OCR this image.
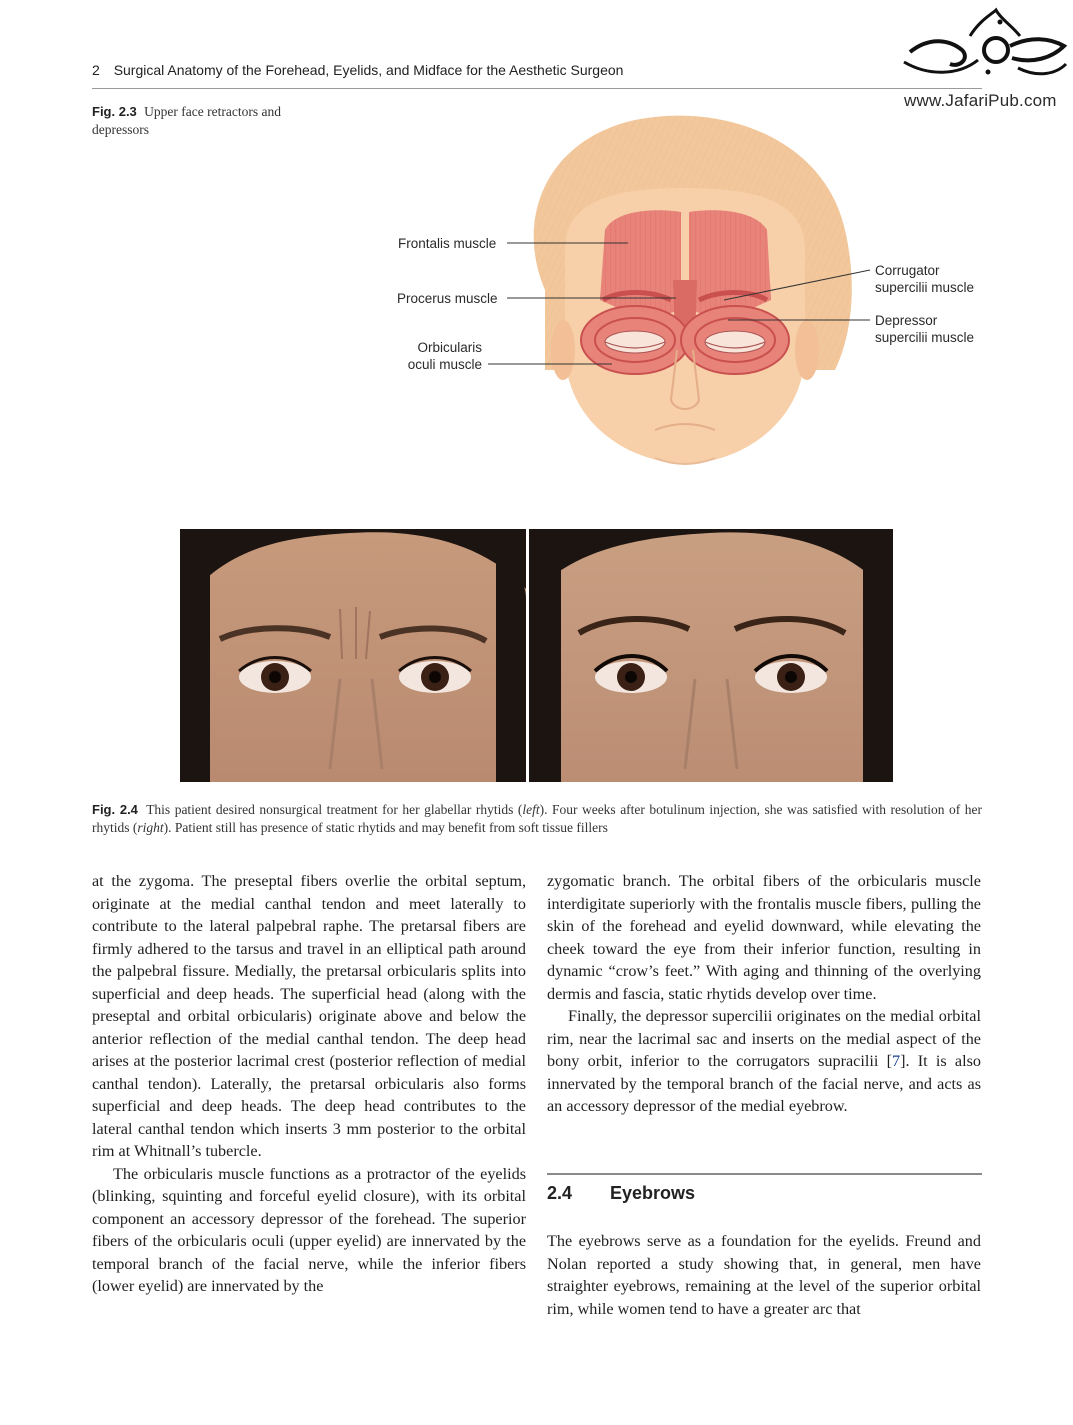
2 Surgical Anatomy of the Forehead, Eyelids, and Midface for the Aesthetic Surgeon
www.JafariPub.com
Fig. 2.3 Upper face retractors and depressors
Frontalis muscle
Procerus muscle
Orbicularis
oculi muscle
Corrugator
supercilii muscle
Depressor
supercilii muscle
Fig. 2.4 This patient desired nonsurgical treatment for her glabellar rhytids (left). Four weeks after botulinum injection, she was satisfied with resolution of her rhytids (right). Patient still has presence of static rhytids and may benefit from soft tissue fillers

at the zygoma. The preseptal fibers overlie the orbital septum, originate at the medial canthal tendon and meet laterally to contribute to the lateral palpebral raphe. The pretarsal fibers are firmly adhered to the tarsus and travel in an elliptical path around the palpebral fissure. Medially, the pretarsal orbicularis splits into superficial and deep heads. The superficial head (along with the preseptal and orbital orbicularis) originate above and below the anterior reflection of the medial canthal tendon. The deep head arises at the posterior lacrimal crest (posterior reflection of medial canthal tendon). Laterally, the pretarsal orbicularis also forms superficial and deep heads. The deep head contributes to the lateral canthal tendon which inserts 3 mm posterior to the orbital rim at Whitnall’s tubercle.

The orbicularis muscle functions as a protractor of the eyelids (blinking, squinting and forceful eyelid closure), with its orbital component an accessory depressor of the forehead. The superior fibers of the orbicularis oculi (upper eyelid) are innervated by the temporal branch of the facial nerve, while the inferior fibers (lower eyelid) are innervated by the

zygomatic branch. The orbital fibers of the orbicularis muscle interdigitate superiorly with the frontalis muscle fibers, pulling the skin of the forehead and eyelid downward, while elevating the cheek toward the eye from their inferior function, resulting in dynamic “crow’s feet.” With aging and thinning of the overlying dermis and fascia, static rhytids develop over time.

Finally, the depressor supercilii originates on the medial orbital rim, near the lacrimal sac and inserts on the medial aspect of the bony orbit, inferior to the corrugators supracilii [7]. It is also innervated by the temporal branch of the facial nerve, and acts as an accessory depressor of the medial eyebrow.

2.4 Eyebrows

The eyebrows serve as a foundation for the eyelids. Freund and Nolan reported a study showing that, in general, men have straighter eyebrows, remaining at the level of the superior orbital rim, while women tend to have a greater arc that
